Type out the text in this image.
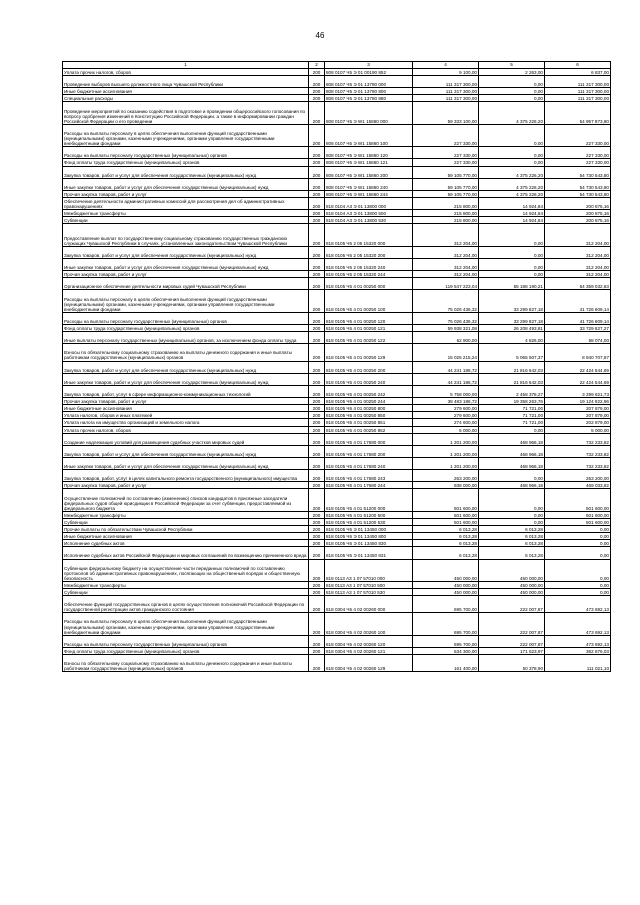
46
1	2	3	4	5	6
Уплата прочих налогов, сборов	200	808 0107 Ч5 Э 01 00190 852	9 100,00	2 263,00	6 837,00
Проведение выборов высшего должностного лица Чувашской Республики	200	808 0107 Ч5 Э 01 13780 000	111 317 300,00	0,00	111 317 300,00
Иные бюджетные ассигнования	200	808 0107 Ч5 Э 01 13780 800	111 317 300,00	0,00	111 317 300,00
Специальные расходы	200	808 0107 Ч5 Э 01 13780 880	111 317 300,00	0,00	111 317 300,00
Проведение мероприятий по оказанию содействия в подготовке и проведении общероссийского голосования по вопросу одобрения изменений в Конституцию Российской Федерации, а также в информировании граждан Российской Федерации о его проведении	200	808 0107 Ч5 Э W1 15860 000	59 333 100,00	4 375 226,20	54 957 873,80
Расходы на выплаты персоналу в целях обеспечения выполнения функций государственными (муниципальными) органами, казенными учреждениями, органами управления государственными внебюджетными фондами	200	808 0107 Ч5 Э W1 15860 100	227 330,00	0,00	227 330,00
Расходы на выплаты персоналу государственных (муниципальных) органов	200	808 0107 Ч5 Э W1 15860 120	227 330,00	0,00	227 330,00
Фонд оплаты труда государственных (муниципальных) органов	200	808 0107 Ч5 Э W1 15860 121	227 330,00	0,00	227 330,00
Закупка товаров, работ и услуг для обеспечения государственных (муниципальных) нужд	200	808 0107 Ч5 Э W1 15860 200	59 105 770,00	4 375 226,20	54 730 543,80
Иные закупки товаров, работ и услуг для обеспечения государственных (муниципальных) нужд	200	808 0107 Ч5 Э W1 15860 240	59 105 770,00	4 375 226,20	54 730 543,80
Прочая закупка товаров, работ и услуг	200	808 0107 Ч5 Э W1 15860 244	59 105 770,00	4 375 226,20	54 730 543,80
Обеспечение деятельности административных комиссий для рассмотрения дел об административных правонарушениях	200	818 0104 А3 Э 01 13800 000	215 800,00	14 924,84	200 875,16
Межбюджетные трансферты	200	818 0104 А3 Э 01 13800 500	215 800,00	14 924,84	200 875,16
Субвенции	200	818 0104 А3 Э 01 13800 530	215 800,00	14 924,84	200 875,16
Предоставление выплат по государственному социальному страхованию государственных гражданских служащих Чувашской Республики в случаях, установленных законодательством Чувашской Республики	200	818 0105 Ч5 2 05 15320 000	312 204,00	0,00	312 204,00
Закупка товаров, работ и услуг для обеспечения государственных (муниципальных) нужд	200	818 0105 Ч5 2 05 15320 200	312 204,00	0,00	312 204,00
Иные закупки товаров, работ и услуг для обеспечения государственных (муниципальных) нужд	200	818 0105 Ч5 2 05 15320 240	312 204,00	0,00	312 204,00
Прочая закупка товаров, работ и услуг	200	818 0105 Ч5 2 05 15320 244	312 204,00	0,00	312 204,00
Организационное обеспечение деятельности мировых судей Чувашской Республики	200	818 0105 Ч5 4 01 00250 000	119 547 223,04	55 188 190,21	64 359 032,83
Расходы на выплаты персоналу в целях обеспечения выполнения функций государственными (муниципальными) органами, казенными учреждениями, органами управления государственными внебюджетными фондами	200	818 0105 Ч5 4 01 00250 100	75 026 436,32	33 299 827,18	41 726 609,14
Расходы на выплаты персоналу государственных (муниципальных) органов	200	818 0105 Ч5 4 01 00250 120	75 026 436,32	33 299 827,18	41 726 609,14
Фонд оплаты труда государственных (муниципальных) органов	200	818 0105 Ч5 4 01 00250 121	59 938 321,08	26 208 493,81	33 729 827,27
Иные выплаты персоналу государственных (муниципальных) органов, за исключением фонда оплаты труда	200	818 0105 Ч5 4 01 00250 122	62 900,00	4 826,00	58 074,00
Взносы по обязательному социальному страхованию на выплаты денежного содержания и иные выплаты работникам государственных (муниципальных) органов	200	818 0105 Ч5 4 01 00250 129	15 025 215,24	5 065 507,37	8 940 707,87
Закупка товаров, работ и услуг для обеспечения государственных (муниципальных) нужд	200	818 0105 Ч5 4 01 00250 200	44 241 186,72	21 816 642,03	22 424 544,69
Иные закупки товаров, работ и услуг для обеспечения государственных (муниципальных) нужд	200	818 0105 Ч5 4 01 00250 240	44 241 186,72	21 816 642,03	22 424 544,69
Закупка товаров, работ, услуг в сфере информационно-коммуникационных технологий	200	818 0105 Ч5 4 01 00250 242	5 758 000,00	2 458 378,27	3 299 621,73
Прочая закупка товаров, работ и услуг	200	818 0105 Ч5 4 01 00250 244	38 483 186,72	19 358 263,76	19 124 922,96
Иные бюджетные ассигнования	200	818 0105 Ч5 4 01 00250 800	279 600,00	71 721,00	207 879,00
Уплата налогов, сборов и иных платежей	200	818 0105 Ч5 4 01 00250 850	279 600,00	71 721,00	207 879,00
Уплата налога на имущество организаций и земельного налога	200	818 0105 Ч5 4 01 00250 851	274 600,00	71 721,00	202 879,00
Уплата прочих налогов, сборов	200	818 0105 Ч5 4 01 00250 852	5 000,00	0,00	5 000,00
Создание надлежащих условий для размещения судебных участков мировых судей	200	818 0105 Ч5 4 01 17680 000	1 201 200,00	468 966,18	732 233,82
Закупка товаров, работ и услуг для обеспечения государственных (муниципальных) нужд	200	818 0105 Ч5 4 01 17680 200	1 201 200,00	468 966,18	732 233,82
Иные закупки товаров, работ и услуг для обеспечения государственных (муниципальных) нужд	200	818 0105 Ч5 4 01 17680 240	1 201 200,00	468 966,18	732 233,82
Закупка товаров, работ, услуг в целях капитального ремонта государственного (муниципального) имущества	200	818 0105 Ч5 4 01 17680 243	263 200,00	0,00	263 200,00
Прочая закупка товаров, работ и услуг	200	818 0105 Ч5 4 01 17680 244	938 000,00	468 966,18	469 033,82
Осуществление полномочий по составлению (изменению) списков кандидатов в присяжные заседатели федеральных судов общей юрисдикции в Российской Федерации за счет субвенции, предоставляемой из федерального бюджета	200	818 0105 Ч5 4 01 51200 000	501 600,00	0,00	501 600,00
Межбюджетные трансферты	200	818 0105 Ч5 4 01 51200 500	501 600,00	0,00	501 600,00
Субвенции	200	818 0105 Ч5 4 01 51200 530	501 600,00	0,00	501 600,00
Прочие выплаты по обязательствам Чувашской Республики	200	818 0105 Ч5 Э 01 13450 000	6 013,28	6 013,28	0,00
Иные бюджетные ассигнования	200	818 0105 Ч5 Э 01 13450 800	6 013,28	6 013,28	0,00
Исполнение судебных актов	200	818 0105 Ч5 Э 01 13450 830	6 013,28	6 013,28	0,00
Исполнение судебных актов Российской Федерации и мировых соглашений по возмещению причиненного вреда	200	818 0105 Ч5 Э 01 13450 831	6 013,28	6 013,28	0,00
Субвенции федеральному бюджету на осуществление части переданных полномочий по составлению протоколов об административных правонарушениях, посягающих на общественный порядок и общественную безопасность	200	818 0113 А3 1 07 57010 000	450 000,00	450 000,00	0,00
Межбюджетные трансферты	200	818 0113 А3 1 07 57010 500	450 000,00	450 000,00	0,00
Субвенции	200	818 0113 А3 1 07 57010 530	450 000,00	450 000,00	0,00
Обеспечение функций государственных органов в целях осуществления полномочий Российской Федерации по государственной регистрации актов гражданского состояния	200	818 0304 Ч5 4 02 00260 000	695 700,00	222 007,87	473 692,13
Расходы на выплаты персоналу в целях обеспечения выполнения функций государственными (муниципальными) органами, казенными учреждениями, органами управления государственными внебюджетными фондами	200	818 0304 Ч5 4 02 00260 100	695 700,00	222 007,87	473 692,13
Расходы на выплаты персоналу государственных (муниципальных) органов	200	818 0304 Ч5 4 02 00260 120	695 700,00	222 007,87	473 692,13
Фонд оплаты труда государственных (муниципальных) органов	200	818 0304 Ч5 4 02 00260 121	534 300,00	171 623,97	362 676,03
Взносы по обязательному социальному страхованию на выплаты денежного содержания и иные выплаты работникам государственных (муниципальных) органов	200	818 0304 Ч5 4 02 00260 129	161 400,00	50 378,90	111 021,10
